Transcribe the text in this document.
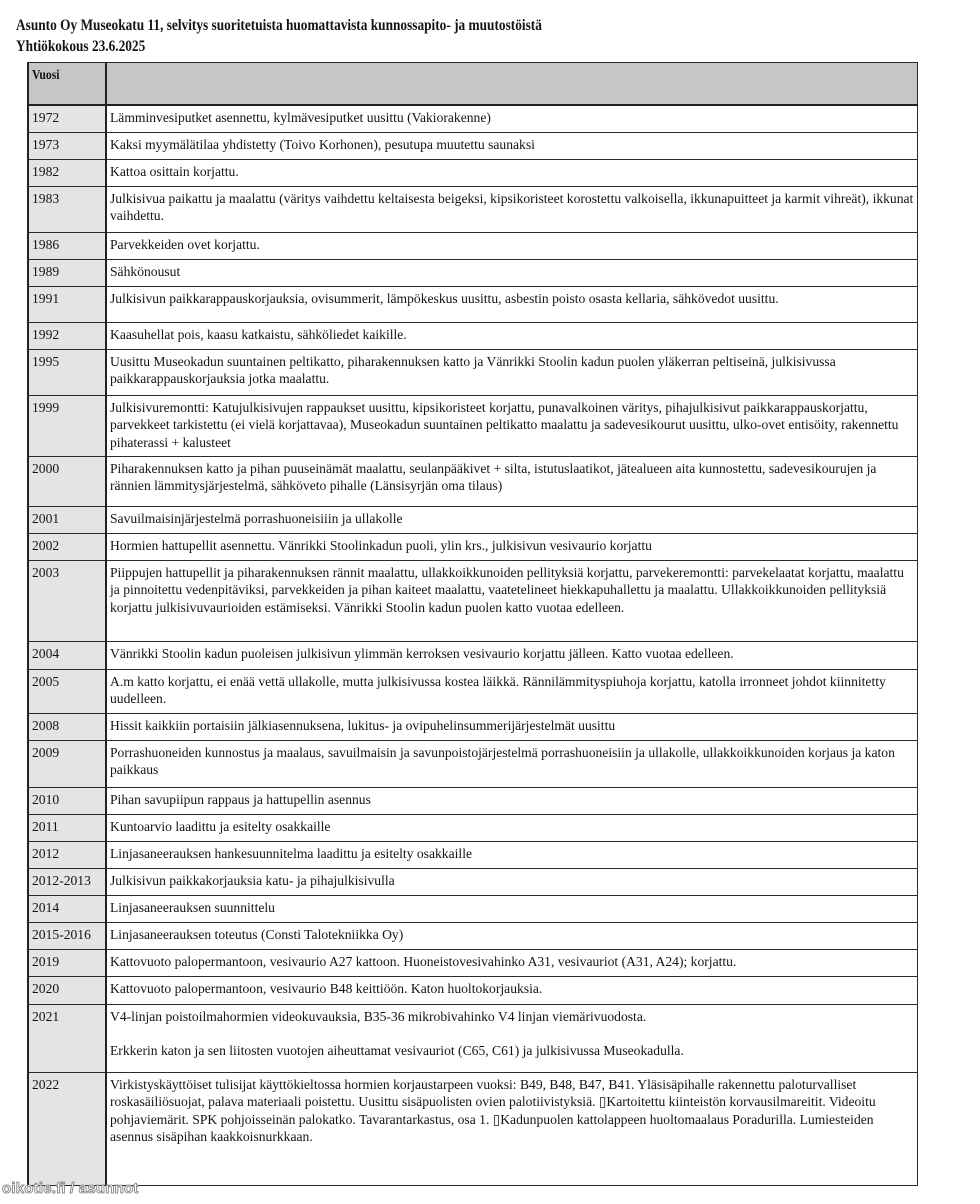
Asunto Oy Museokatu 11, selvitys suoritetuista huomattavista kunnossapito- ja muutostöistä
Yhtiökokous 23.6.2025
Vuosi	
1972	Lämminvesiputket asennettu, kylmävesiputket uusittu (Vakiorakenne)

1973	Kaksi myymälätilaa yhdistetty (Toivo Korhonen), pesutupa muutettu saunaksi

1982	Kattoa osittain korjattu.

1983	Julkisivua paikattu ja maalattu (väritys vaihdettu keltaisesta beigeksi, kipsikoristeet korostettu valkoisella, ikkunapuitteet ja karmit vihreät), ikkunat vaihdettu.

1986	Parvekkeiden ovet korjattu.

1989	Sähkönousut

1991	Julkisivun paikkarappauskorjauksia, ovisummerit, lämpökeskus uusittu, asbestin poisto osasta kellaria, sähkövedot uusittu.

1992	Kaasuhellat pois, kaasu katkaistu, sähköliedet kaikille.

1995	Uusittu Museokadun suuntainen peltikatto, piharakennuksen katto ja Vänrikki Stoolin kadun puolen yläkerran peltiseinä, julkisivussa paikkarappauskorjauksia jotka maalattu.

1999	Julkisivuremontti: Katujulkisivujen rappaukset uusittu, kipsikoristeet korjattu, punavalkoinen väritys, pihajulkisivut paikkarappauskorjattu, parvekkeet tarkistettu (ei vielä korjattavaa), Museokadun suuntainen peltikatto maalattu ja sadevesikourut uusittu, ulko-ovet entisöity, rakennettu pihaterassi + kalusteet

2000	Piharakennuksen katto ja pihan puuseinämät maalattu, seulanpääkivet + silta, istutuslaatikot, jätealueen aita kunnostettu, sadevesikourujen ja rännien lämmitysjärjestelmä, sähköveto pihalle (Länsisyrjän oma tilaus)

2001	Savuilmaisinjärjestelmä porrashuoneisiiin ja ullakolle

2002	Hormien hattupellit asennettu. Vänrikki Stoolinkadun puoli, ylin krs., julkisivun vesivaurio korjattu

2003	Piippujen hattupellit ja piharakennuksen rännit maalattu, ullakkoikkunoiden pellityksiä korjattu, parvekeremontti: parvekelaatat korjattu, maalattu ja pinnoitettu vedenpitäviksi, parvekkeiden ja pihan kaiteet maalattu, vaatetelineet hiekkapuhallettu ja maalattu. Ullakkoikkunoiden pellityksiä korjattu julkisivuvaurioiden estämiseksi. Vänrikki Stoolin kadun puolen katto vuotaa edelleen.

2004	Vänrikki Stoolin kadun puoleisen julkisivun ylimmän kerroksen vesivaurio korjattu jälleen. Katto vuotaa edelleen.

2005	A.m katto korjattu, ei enää vettä ullakolle, mutta julkisivussa kostea läikkä. Rännilämmityspiuhoja korjattu, katolla irronneet johdot kiinnitetty uudelleen.

2008	Hissit kaikkiin portaisiin jälkiasennuksena, lukitus- ja ovipuhelinsummerijärjestelmät uusittu

2009	Porrashuoneiden kunnostus ja maalaus, savuilmaisin ja savunpoistojärjestelmä porrashuoneisiin ja ullakolle, ullakkoikkunoiden korjaus ja katon paikkaus

2010	Pihan savupiipun rappaus ja hattupellin asennus

2011	Kuntoarvio laadittu ja esitelty osakkaille

2012	Linjasaneerauksen hankesuunnitelma laadittu ja esitelty osakkaille

2012-2013	Julkisivun paikkakorjauksia katu- ja pihajulkisivulla

2014	Linjasaneerauksen suunnittelu

2015-2016	Linjasaneerauksen toteutus (Consti Talotekniikka Oy)

2019	Kattovuoto palopermantoon, vesivaurio A27 kattoon. Huoneistovesivahinko A31, vesivauriot (A31, A24); korjattu.

2020	Kattovuoto palopermantoon, vesivaurio B48 keittiöön. Katon huoltokorjauksia.

2021	V4-linjan poistoilmahormien videokuvauksia, B35-36 mikrobivahinko V4 linjan viemärivuodosta.
Erkkerin katon ja sen liitosten vuotojen aiheuttamat vesivauriot (C65, C61) ja julkisivussa Museokadulla.

2022	Virkistyskäyttöiset tulisijat käyttökieltossa hormien korjaustarpeen vuoksi: B49, B48, B47, B41. Yläsisäpihalle rakennettu paloturvalliset roskasäiliösuojat, palava materiaali poistettu. Uusittu sisäpuolisten ovien palotiivistyksiä. ▯Kartoitettu kiinteistön korvausilmareitit. Videoitu pohjaviemärit. SPK pohjoisseinän palokatko. Tavarantarkastus, osa 1. ▯Kadunpuolen kattolappeen huoltomaalaus Poradurilla. Lumiesteiden asennus sisäpihan kaakkoisnurkkaan.
oikotie.fi / asunnot
